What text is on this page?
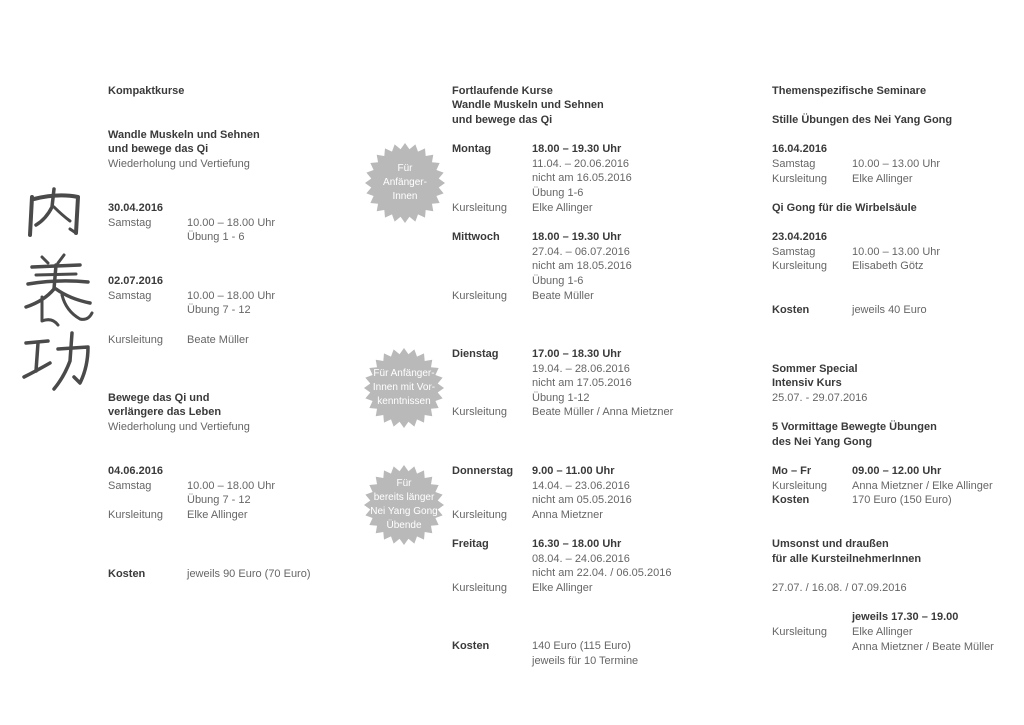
Kompaktkurse
Wandle Muskeln und Sehnen
und bewege das Qi
Wiederholung und Vertiefung
30.04.2016
Samstag	10.00 – 18.00 Uhr
Übung 1 - 6
02.07.2016
Samstag	10.00 – 18.00 Uhr
Übung 7 - 12
Kursleitung Beate Müller
Bewege das Qi und
verlängere das Leben
Wiederholung und Vertiefung
04.06.2016
Samstag	10.00 – 18.00 Uhr
Übung 7 - 12
Kursleitung Elke Allinger
Kosten	jeweils 90 Euro (70 Euro)
Für
Anfänger-
Innen
Für Anfänger-
Innen mit Vor-
kenntnissen
Für
bereits länger
Nei Yang Gong
Übende
Fortlaufende Kurse
Wandle Muskeln und Sehnen
und bewege das Qi
Montag	18.00 – 19.30 Uhr
11.04. – 20.06.2016
nicht am 16.05.2016
Übung 1-6
Kursleitung Elke Allinger
Mittwoch	18.00 – 19.30 Uhr
27.04. – 06.07.2016
nicht am 18.05.2016
Übung 1-6
Kursleitung Beate Müller
Dienstag	17.00 – 18.30 Uhr
19.04. – 28.06.2016
nicht am 17.05.2016
Übung 1-12
Kursleitung Beate Müller / Anna Mietzner
Donnerstag 9.00 – 11.00 Uhr
14.04. – 23.06.2016
nicht am 05.05.2016
Kursleitung Anna Mietzner
Freitag	16.30 – 18.00 Uhr
08.04. – 24.06.2016
nicht am 22.04. / 06.05.2016
Kursleitung Elke Allinger
Kosten	140 Euro (115 Euro)
jeweils für 10 Termine
Themenspezifische Seminare
Stille Übungen des Nei Yang Gong
16.04.2016
Samstag	10.00 – 13.00 Uhr
Kursleitung Elke Allinger
Qi Gong für die Wirbelsäule
23.04.2016
Samstag	10.00 – 13.00 Uhr
Kursleitung Elisabeth Götz
Kosten	jeweils 40 Euro
Sommer Special
Intensiv Kurs
25.07. - 29.07.2016
5 Vormittage Bewegte Übungen
des Nei Yang Gong
Mo – Fr	09.00 – 12.00 Uhr
Kursleitung Anna Mietzner / Elke Allinger
Kosten	170 Euro (150 Euro)
Umsonst und draußen
für alle KursteilnehmerInnen
27.07. / 16.08. / 07.09.2016
jeweils 17.30 – 19.00
Kursleitung Elke Allinger
Anna Mietzner / Beate Müller
